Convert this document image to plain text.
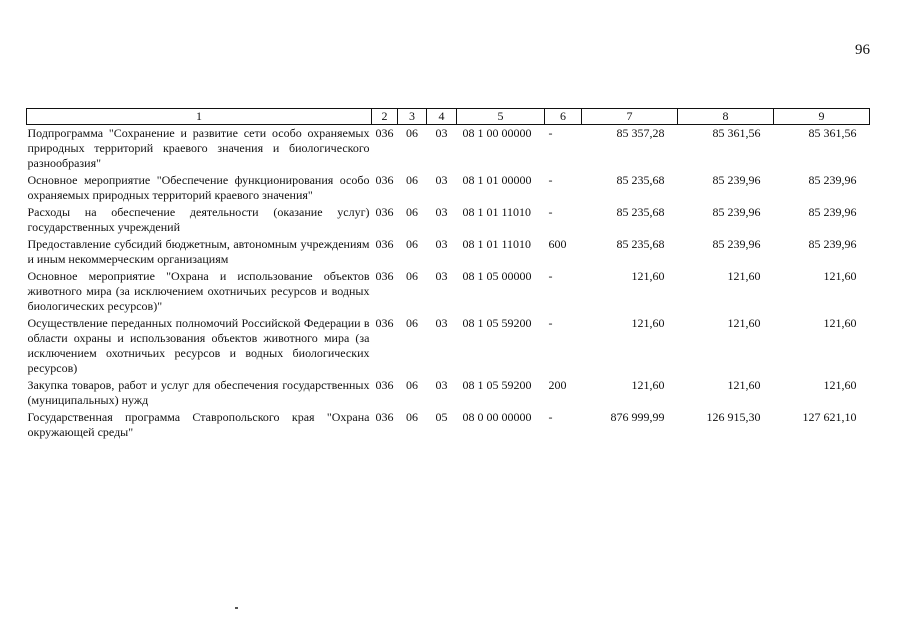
96
1	2	3	4	5	6	7	8	9
Подпрограмма "Сохранение и развитие сети особо охраняемых природных территорий краевого значения и биологического разнообразия"	036	06	03	08 1 00 00000	-	85 357,28	85 361,56	85 361,56
Основное мероприятие "Обеспечение функционирования особо охраняемых природных территорий краевого значения"	036	06	03	08 1 01 00000	-	85 235,68	85 239,96	85 239,96
Расходы на обеспечение деятельности (оказание услуг) государственных учреждений	036	06	03	08 1 01 11010	-	85 235,68	85 239,96	85 239,96
Предоставление субсидий бюджетным, автономным учреждениям и иным некоммерческим организациям	036	06	03	08 1 01 11010	600	85 235,68	85 239,96	85 239,96
Основное мероприятие "Охрана и использование объектов животного мира (за исключением охотничьих ресурсов и водных биологических ресурсов)"	036	06	03	08 1 05 00000	-	121,60	121,60	121,60
Осуществление переданных полномочий Российской Федерации в области охраны и использования объектов животного мира (за исключением охотничьих ресурсов и водных биологических ресурсов)	036	06	03	08 1 05 59200	-	121,60	121,60	121,60
Закупка товаров, работ и услуг для обеспечения государственных (муниципальных) нужд	036	06	03	08 1 05 59200	200	121,60	121,60	121,60
Государственная программа Ставропольского края "Охрана окружающей среды"	036	06	05	08 0 00 00000	-	876 999,99	126 915,30	127 621,10
